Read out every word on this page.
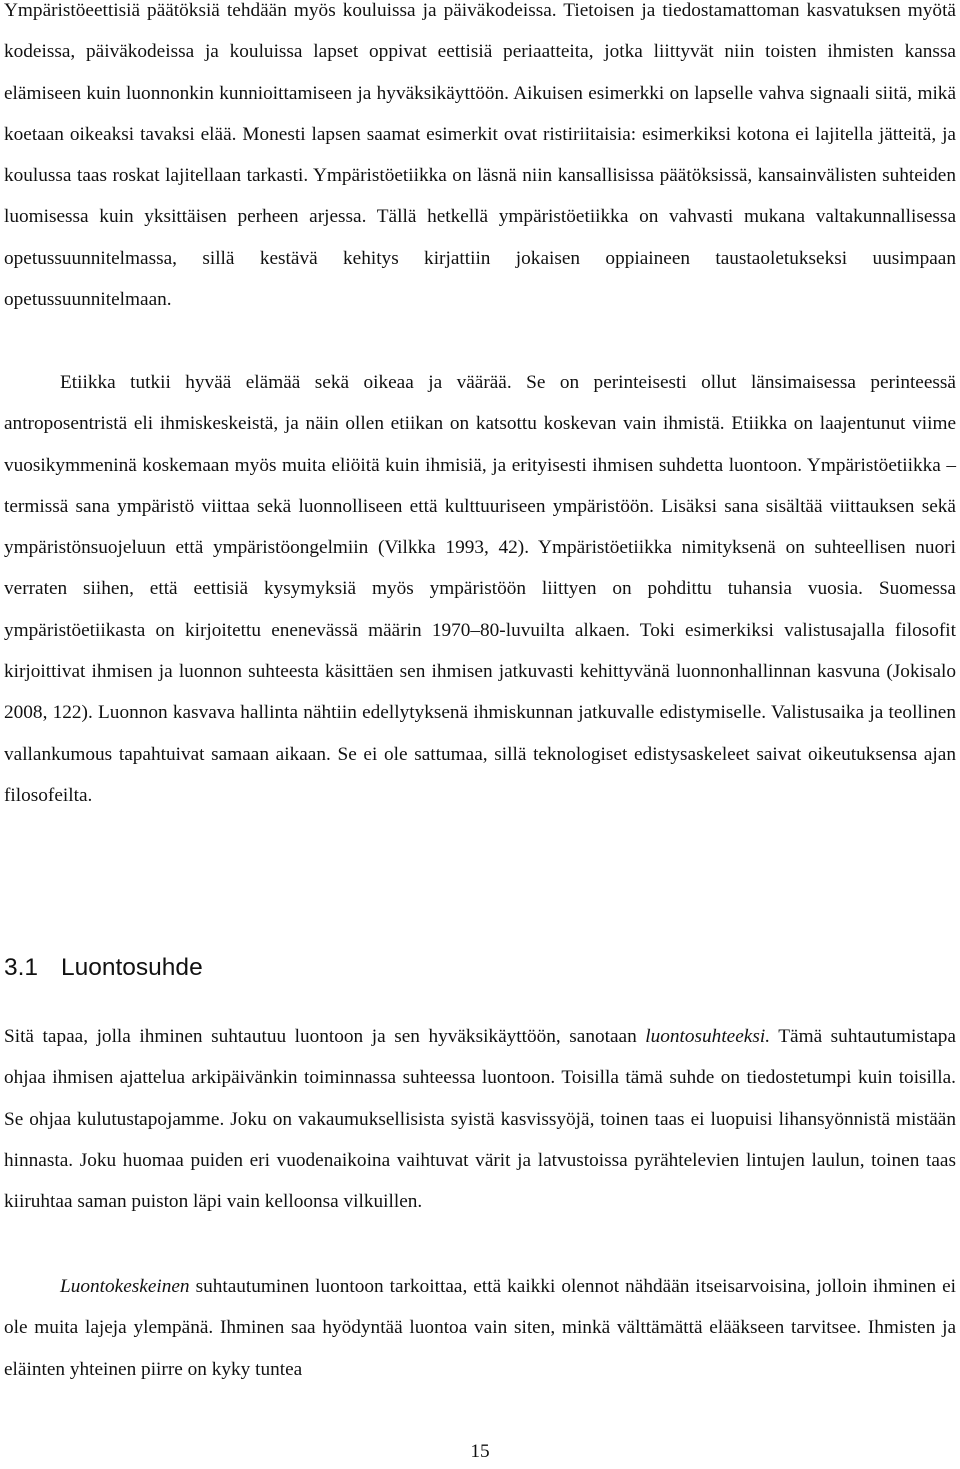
Ympäristöeettisiä päätöksiä tehdään myös kouluissa ja päiväkodeissa. Tietoisen ja tiedostamattoman kasvatuksen myötä kodeissa, päiväkodeissa ja kouluissa lapset oppivat eettisiä periaatteita, jotka liittyvät niin toisten ihmisten kanssa elämiseen kuin luonnonkin kunnioittamiseen ja hyväksikäyttöön. Aikuisen esimerkki on lapselle vahva signaali siitä, mikä koetaan oikeaksi tavaksi elää. Monesti lapsen saamat esimerkit ovat ristiriitaisia: esimerkiksi kotona ei lajitella jätteitä, ja koulussa taas roskat lajitellaan tarkasti. Ympäristöetiikka on läsnä niin kansallisissa päätöksissä, kansainvälisten suhteiden luomisessa kuin yksittäisen perheen arjessa. Tällä hetkellä ympäristöetiikka on vahvasti mukana valtakunnallisessa opetussuunnitelmassa, sillä kestävä kehitys kirjattiin jokaisen oppiaineen taustaoletukseksi uusimpaan opetussuunnitelmaan.

Etiikka tutkii hyvää elämää sekä oikeaa ja väärää. Se on perinteisesti ollut länsimaisessa perinteessä antroposentristä eli ihmiskeskeistä, ja näin ollen etiikan on katsottu koskevan vain ihmistä. Etiikka on laajentunut viime vuosikymmeninä koskemaan myös muita eliöitä kuin ihmisiä, ja erityisesti ihmisen suhdetta luontoon. Ympäristöetiikka – termissä sana ympäristö viittaa sekä luonnolliseen että kulttuuriseen ympäristöön. Lisäksi sana sisältää viittauksen sekä ympäristönsuojeluun että ympäristöongelmiin (Vilkka 1993, 42). Ympäristöetiikka nimityksenä on suhteellisen nuori verraten siihen, että eettisiä kysymyksiä myös ympäristöön liittyen on pohdittu tuhansia vuosia. Suomessa ympäristöetiikasta on kirjoitettu enenevässä määrin 1970–80-luvuilta alkaen. Toki esimerkiksi valistusajalla filosofit kirjoittivat ihmisen ja luonnon suhteesta käsittäen sen ihmisen jatkuvasti kehittyvänä luonnonhallinnan kasvuna (Jokisalo 2008, 122). Luonnon kasvava hallinta nähtiin edellytyksenä ihmiskunnan jatkuvalle edistymiselle. Valistusaika ja teollinen vallankumous tapahtuivat samaan aikaan. Se ei ole sattumaa, sillä teknologiset edistysaskeleet saivat oikeutuksensa ajan filosofeilta.

3.1 Luontosuhde

Sitä tapaa, jolla ihminen suhtautuu luontoon ja sen hyväksikäyttöön, sanotaan luontosuhteeksi. Tämä suhtautumistapa ohjaa ihmisen ajattelua arkipäivänkin toiminnassa suhteessa luontoon. Toisilla tämä suhde on tiedostetumpi kuin toisilla. Se ohjaa kulutustapojamme. Joku on vakaumuksellisista syistä kasvissyöjä, toinen taas ei luopuisi lihansyönnistä mistään hinnasta. Joku huomaa puiden eri vuodenaikoina vaihtuvat värit ja latvustoissa pyrähtelevien lintujen laulun, toinen taas kiiruhtaa saman puiston läpi vain kelloonsa vilkuillen.

Luontokeskeinen suhtautuminen luontoon tarkoittaa, että kaikki olennot nähdään itseisarvoisina, jolloin ihminen ei ole muita lajeja ylempänä. Ihminen saa hyödyntää luontoa vain siten, minkä välttämättä elääkseen tarvitsee. Ihmisten ja eläinten yhteinen piirre on kyky tuntea

15
